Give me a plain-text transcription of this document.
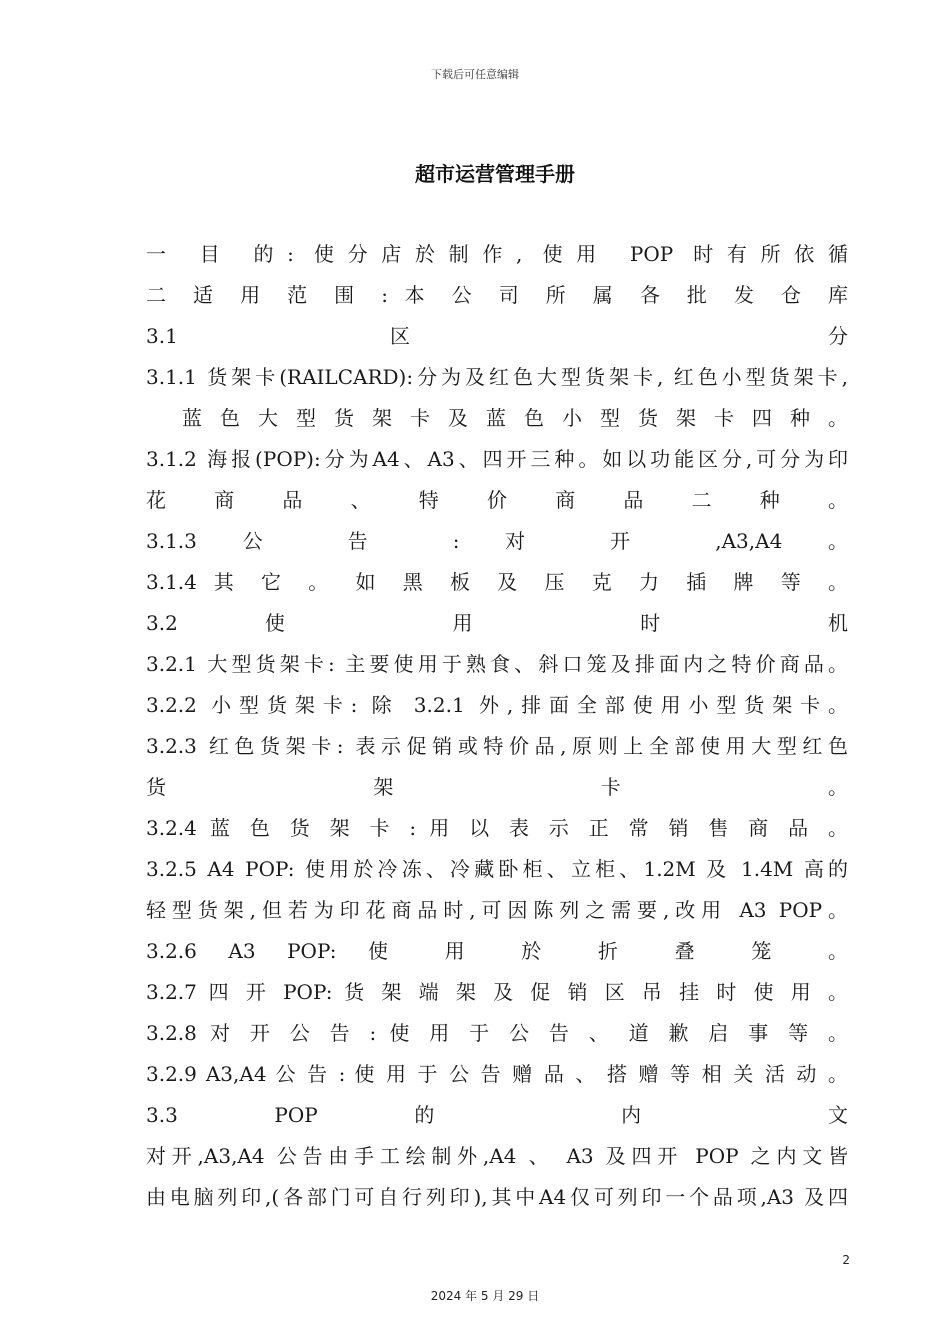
下载后可任意编辑
超市运营管理手册
一 目 的: 使分店於制作, 使用 POP 时有所依循
二 适 用 范 围 : 本 公 司 所 属 各 批 发 仓 库
3.1 区 分
3.1.1 货架卡(RAILCARD):分为及红色大型货架卡, 红色小型货架卡,
蓝 色 大 型 货 架 卡 及 蓝 色 小 型 货 架 卡 四 种 。
3.1.2 海报(POP):分为A4、A3、四开三种。如以功能区分,可分为印
花 商 品 、 特 价 商 品 二 种 。
3.1.3 公 告 : 对 开 ,A3,A4 。
3.1.4 其 它 。 如 黑 板 及 压 克 力 插 牌 等 。
3.2 使 用 时 机
3.2.1 大型货架卡: 主要使用于熟食、斜口笼及排面内之特价商品。
3.2.2 小型货架卡: 除 3.2.1 外,排面全部使用小型货架卡。
3.2.3 红色货架卡: 表示促销或特价品,原则上全部使用大型红色
货 架 卡 。
3.2.4 蓝 色 货 架 卡 : 用 以 表 示 正 常 销 售 商 品 。
3.2.5 A4 POP: 使用於冷冻、冷藏卧柜、立柜、1.2M 及 1.4M 高的
轻型货架,但若为印花商品时,可因陈列之需要,改用 A3 POP。
3.2.6 A3 POP: 使 用 於 折 叠 笼 。
3.2.7 四 开 POP: 货 架 端 架 及 促 销 区 吊 挂 时 使 用 。
3.2.8 对 开 公 告 : 使 用 于 公 告 、 道 歉 启 事 等 。
3.2.9 A3,A4 公 告 : 使 用 于 公 告 赠 品 、 搭 赠 等 相 关 活 动 。
3.3 POP 的 内 文
对开,A3,A4 公告由手工绘制外,A4 、 A3 及四开 POP 之内文皆
由电脑列印,(各部门可自行列印),其中A4仅可列印一个品项,A3 及四
2
2024 年 5 月 29 日
